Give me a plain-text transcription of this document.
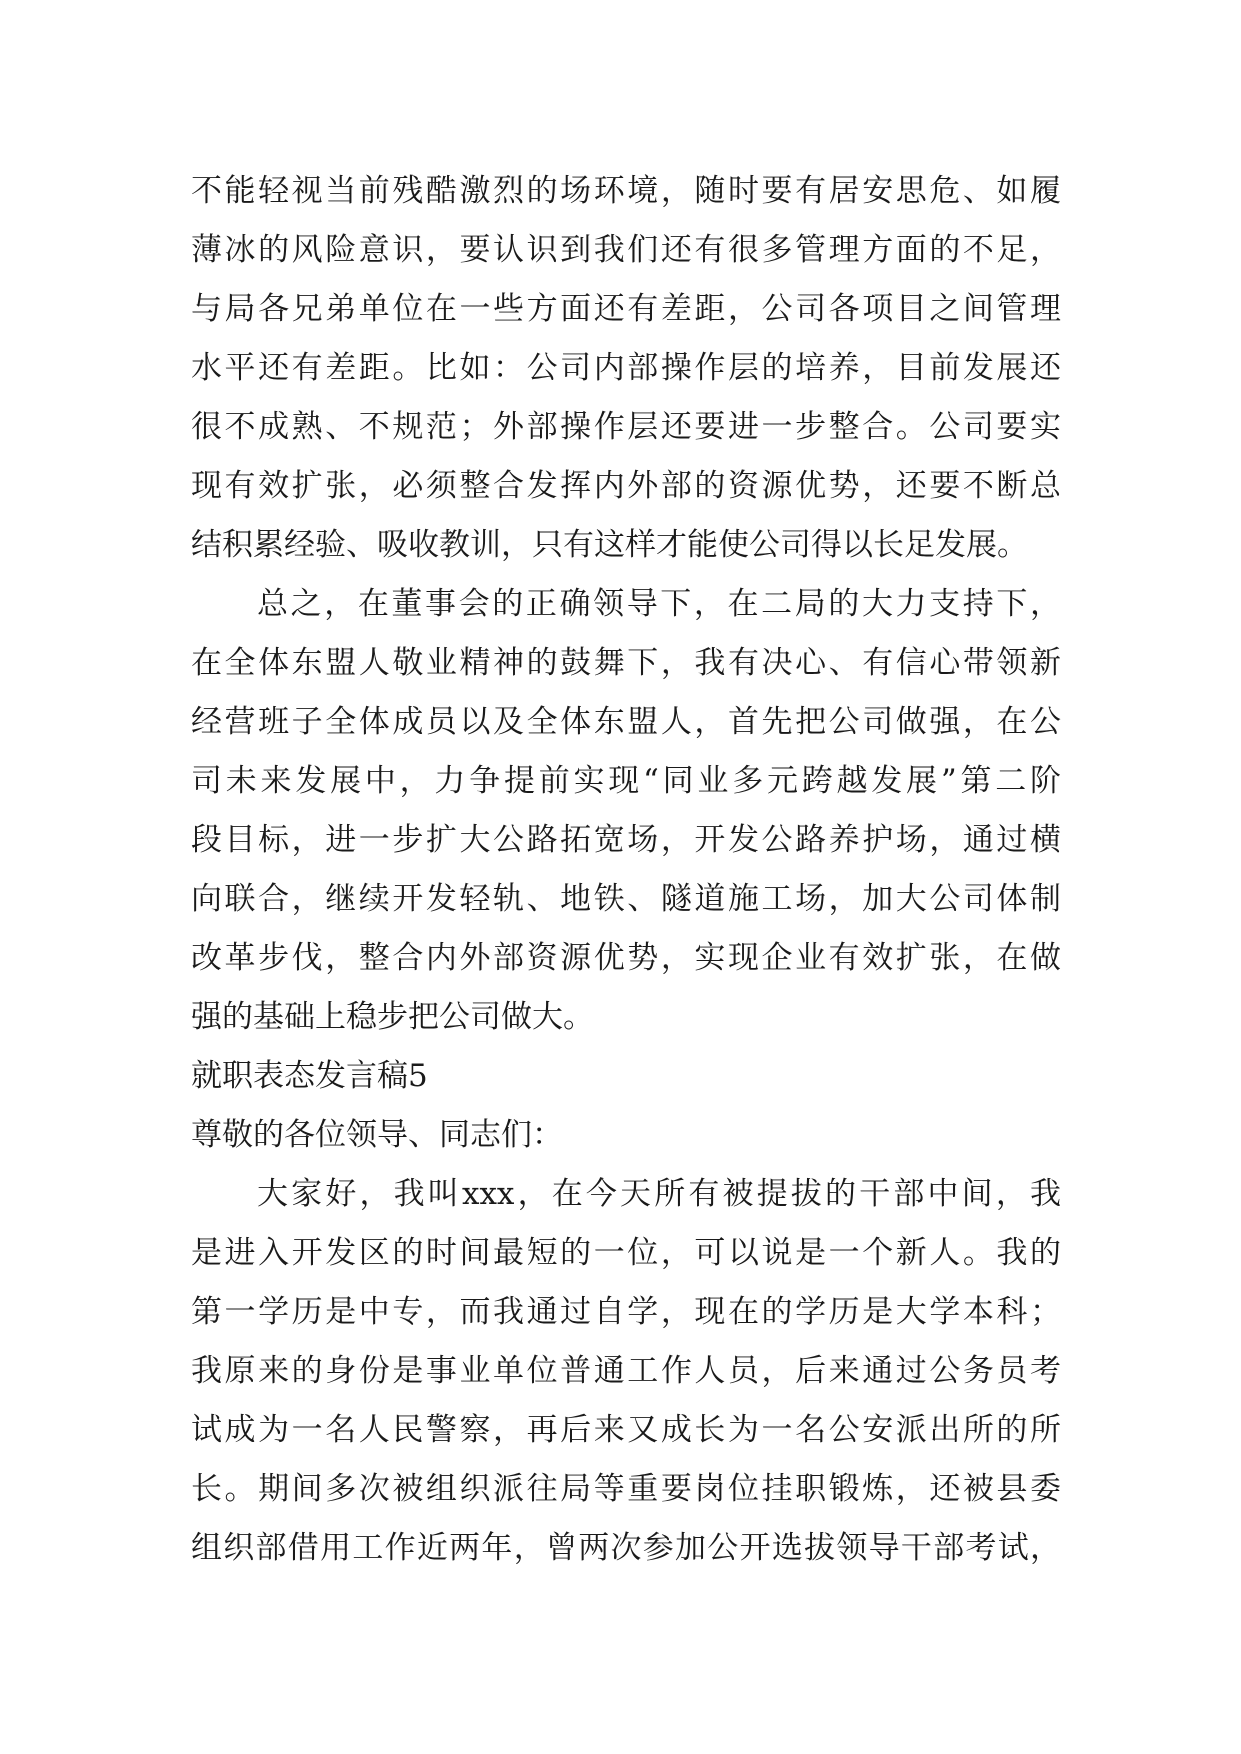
不能轻视当前残酷激烈的场环境，随时要有居安思危、如履
薄冰的风险意识，要认识到我们还有很多管理方面的不足，
与局各兄弟单位在一些方面还有差距，公司各项目之间管理
水平还有差距。比如：公司内部操作层的培养，目前发展还
很不成熟、不规范；外部操作层还要进一步整合。公司要实
现有效扩张，必须整合发挥内外部的资源优势，还要不断总
结积累经验、吸收教训，只有这样才能使公司得以长足发展。
总之，在董事会的正确领导下，在二局的大力支持下，
在全体东盟人敬业精神的鼓舞下，我有决心、有信心带领新
经营班子全体成员以及全体东盟人，首先把公司做强，在公
司未来发展中，力争提前实现“同业多元跨越发展”第二阶
段目标，进一步扩大公路拓宽场，开发公路养护场，通过横
向联合，继续开发轻轨、地铁、隧道施工场，加大公司体制
改革步伐，整合内外部资源优势，实现企业有效扩张，在做
强的基础上稳步把公司做大。
就职表态发言稿5
尊敬的各位领导、同志们：
大家好，我叫xxx，在今天所有被提拔的干部中间，我
是进入开发区的时间最短的一位，可以说是一个新人。我的
第一学历是中专，而我通过自学，现在的学历是大学本科；
我原来的身份是事业单位普通工作人员，后来通过公务员考
试成为一名人民警察，再后来又成长为一名公安派出所的所
长。期间多次被组织派往局等重要岗位挂职锻炼，还被县委
组织部借用工作近两年，曾两次参加公开选拔领导干部考试，
